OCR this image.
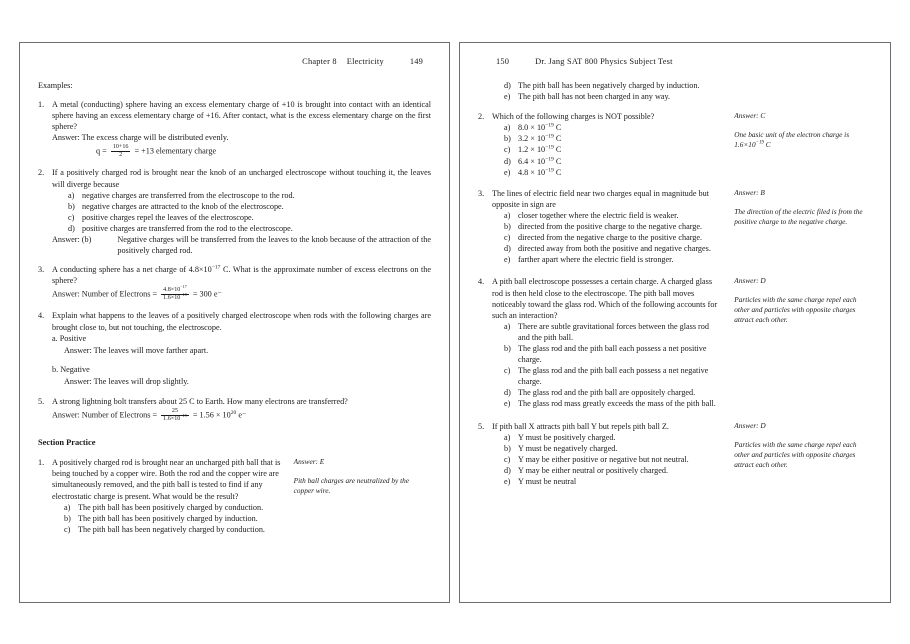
Chapter 8 Electricity	149

Examples:

1. A metal (conducting) sphere having an excess elementary charge of +10 is brought into contact with an identical sphere having an excess elementary charge of +16. After contact, what is the excess elementary charge on the first sphere?

Answer: The excess charge will be distributed evenly.

$q = \frac{10+16}{2} = +13$ elementary charge

2. If a positively charged rod is brought near the knob of an uncharged electroscope without touching it, the leaves will diverge because

a) negative charges are transferred from the electroscope to the rod.
b) negative charges are attracted to the knob of the electroscope.
c) positive charges repel the leaves of the electroscope.
d) positive charges are transferred from the rod to the electroscope.
Answer: (b)	Negative charges will be transferred from the leaves to the knob because of the attraction of the positively charged rod.
3. A conducting sphere has a net charge of $4.8\times 10^{-17}$ C. What is the approximate number of excess electrons on the sphere?

Answer: Number of Electrons = $\frac{4.8\times 10^{-17}}{1.6\times 10^{-19}} = 300$ e⁻

4. Explain what happens to the leaves of a positively charged electroscope when rods with the following charges are brought close to, but not touching, the electroscope.

a. Positive

Answer: The leaves will move farther apart.

b. Negative

Answer: The leaves will drop slightly.

5. A strong lightning bolt transfers about 25 C to Earth. How many electrons are transferred?

Answer: Number of Electrons = $\frac{25}{1.6\times 10^{-19}} = 1.56 \times 10^{20}$ e⁻

Section Practice

1. A positively charged rod is brought near an uncharged pith ball that is being touched by a copper wire. Both the rod and the copper wire are simultaneously removed, and the pith ball is tested to find if any electrostatic charge is present. What would be the result?

a) The pith ball has been positively charged by conduction.
b) The pith ball has been positively charged by induction.
c) The pith ball has been negatively charged by conduction.

Answer: E

Pith ball charges are neutralized by the copper wire.

150	Dr. Jang SAT 800 Physics Subject Test
d) The pith ball has been negatively charged by induction.
e) The pith ball has not been charged in any way.
2. Which of the following charges is NOT possible?

a) $8.0 \times 10^{-19}$ C
b) $3.2 \times 10^{-19}$ C
c) $1.2 \times 10^{-19}$ C
d) $6.4 \times 10^{-19}$ C
e) $4.8 \times 10^{-19}$ C

Answer: C

One basic unit of the electron charge is $1.6\times 10^{-19}$ C

3. The lines of electric field near two charges equal in magnitude but opposite in sign are

a) closer together where the electric field is weaker.
b) directed from the positive charge to the negative charge.
c) directed from the negative charge to the positive charge.
d) directed away from both the positive and negative charges.
e) farther apart where the electric field is stronger.

Answer: B

The direction of the electric filed is from the positive charge to the negative charge.

4. A pith ball electroscope possesses a certain charge. A charged glass rod is then held close to the electroscope. The pith ball moves noticeably toward the glass rod. Which of the following accounts for such an interaction?

a) There are subtle gravitational forces between the glass rod and the pith ball.
b) The glass rod and the pith ball each possess a net positive charge.
c) The glass rod and the pith ball each possess a net negative charge.
d) The glass rod and the pith ball are oppositely charged.
e) The glass rod mass greatly exceeds the mass of the pith ball.

Answer: D

Particles with the same charge repel each other and particles with opposite charges attract each other.

5. If pith ball X attracts pith ball Y but repels pith ball Z.

a) Y must be positively charged.
b) Y must be negatively charged.
c) Y may be either positive or negative but not neutral.
d) Y may be either neutral or positively charged.
e) Y must be neutral

Answer: D

Particles with the same charge repel each other and particles with opposite charges attract each other.
